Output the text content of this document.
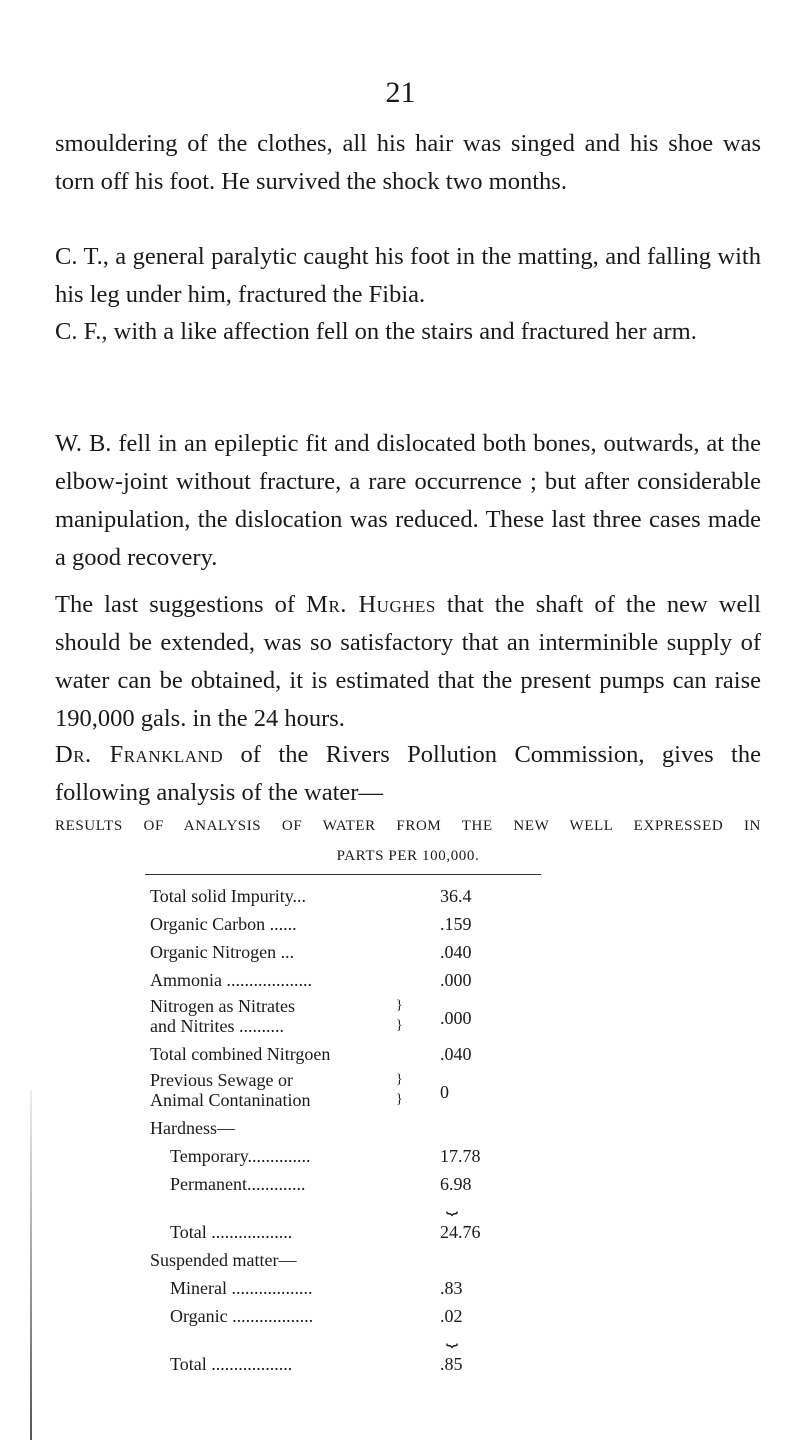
21

smouldering of the clothes, all his hair was singed and his shoe was torn off his foot. He survived the shock two months.

C. T., a general paralytic caught his foot in the matting, and falling with his leg under him, fractured the Fibia.

C. F., with a like affection fell on the stairs and fractured her arm.

W. B. fell in an epileptic fit and dislocated both bones, outwards, at the elbow-joint without fracture, a rare occurrence ; but after considerable manipulation, the dislocation was reduced. These last three cases made a good recovery.

The last suggestions of Mr. Hughes that the shaft of the new well should be extended, was so satisfactory that an interminible supply of water can be obtained, it is estimated that the present pumps can raise 190,000 gals. in the 24 hours.

Dr. Frankland of the Rivers Pollution Commission, gives the following analysis of the water—

RESULTS OF ANALYSIS OF WATER FROM THE NEW WELL EXPRESSED IN
PARTS PER 100,000.
Total solid Impurity...	36.4
Organic Carbon ......	.159
Organic Nitrogen ...	.040
Ammonia ...................	.000
Nitrogen as Nitrates
and Nitrites ..........
}
} .000
Total combined Nitrgoen	.040
Previous Sewage or
Animal Contanination
}
} 0
Hardness—
Temporary..............	17.78
Permanent.............	6.98
⏟
Total ..................	24.76
Suspended matter—
Mineral ..................	.83
Organic ..................	.02
⏟
Total ..................	.85
